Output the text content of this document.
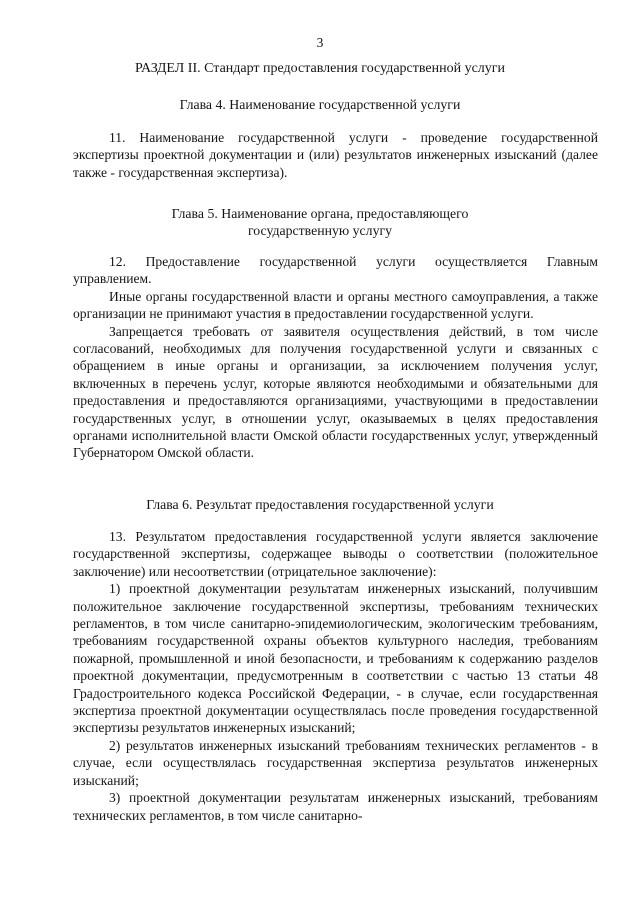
3
РАЗДЕЛ II. Стандарт предоставления государственной услуги
Глава 4. Наименование государственной услуги

11. Наименование государственной услуги - проведение государственной экспертизы проектной документации и (или) результатов инженерных изысканий (далее также - государственная экспертиза).

Глава 5. Наименование органа, предоставляющего
государственную услугу

12. Предоставление государственной услуги осуществляется Главным управлением.

Иные органы государственной власти и органы местного самоуправления, а также организации не принимают участия в предоставлении государственной услуги.

Запрещается требовать от заявителя осуществления действий, в том числе согласований, необходимых для получения государственной услуги и связанных с обращением в иные органы и организации, за исключением получения услуг, включенных в перечень услуг, которые являются необходимыми и обязательными для предоставления и предоставляются организациями, участвующими в предоставлении государственных услуг, в отношении услуг, оказываемых в целях предоставления органами исполнительной власти Омской области государственных услуг, утвержденный Губернатором Омской области.

Глава 6. Результат предоставления государственной услуги

13. Результатом предоставления государственной услуги является заключение государственной экспертизы, содержащее выводы о соответствии (положительное заключение) или несоответствии (отрицательное заключение):

1) проектной документации результатам инженерных изысканий, получившим положительное заключение государственной экспертизы, требованиям технических регламентов, в том числе санитарно-эпидемиологическим, экологическим требованиям, требованиям государственной охраны объектов культурного наследия, требованиям пожарной, промышленной и иной безопасности, и требованиям к содержанию разделов проектной документации, предусмотренным в соответствии с частью 13 статьи 48 Градостроительного кодекса Российской Федерации, - в случае, если государственная экспертиза проектной документации осуществлялась после проведения государственной экспертизы результатов инженерных изысканий;

2) результатов инженерных изысканий требованиям технических регламентов - в случае, если осуществлялась государственная экспертиза результатов инженерных изысканий;

3) проектной документации результатам инженерных изысканий, требованиям технических регламентов, в том числе санитарно-
